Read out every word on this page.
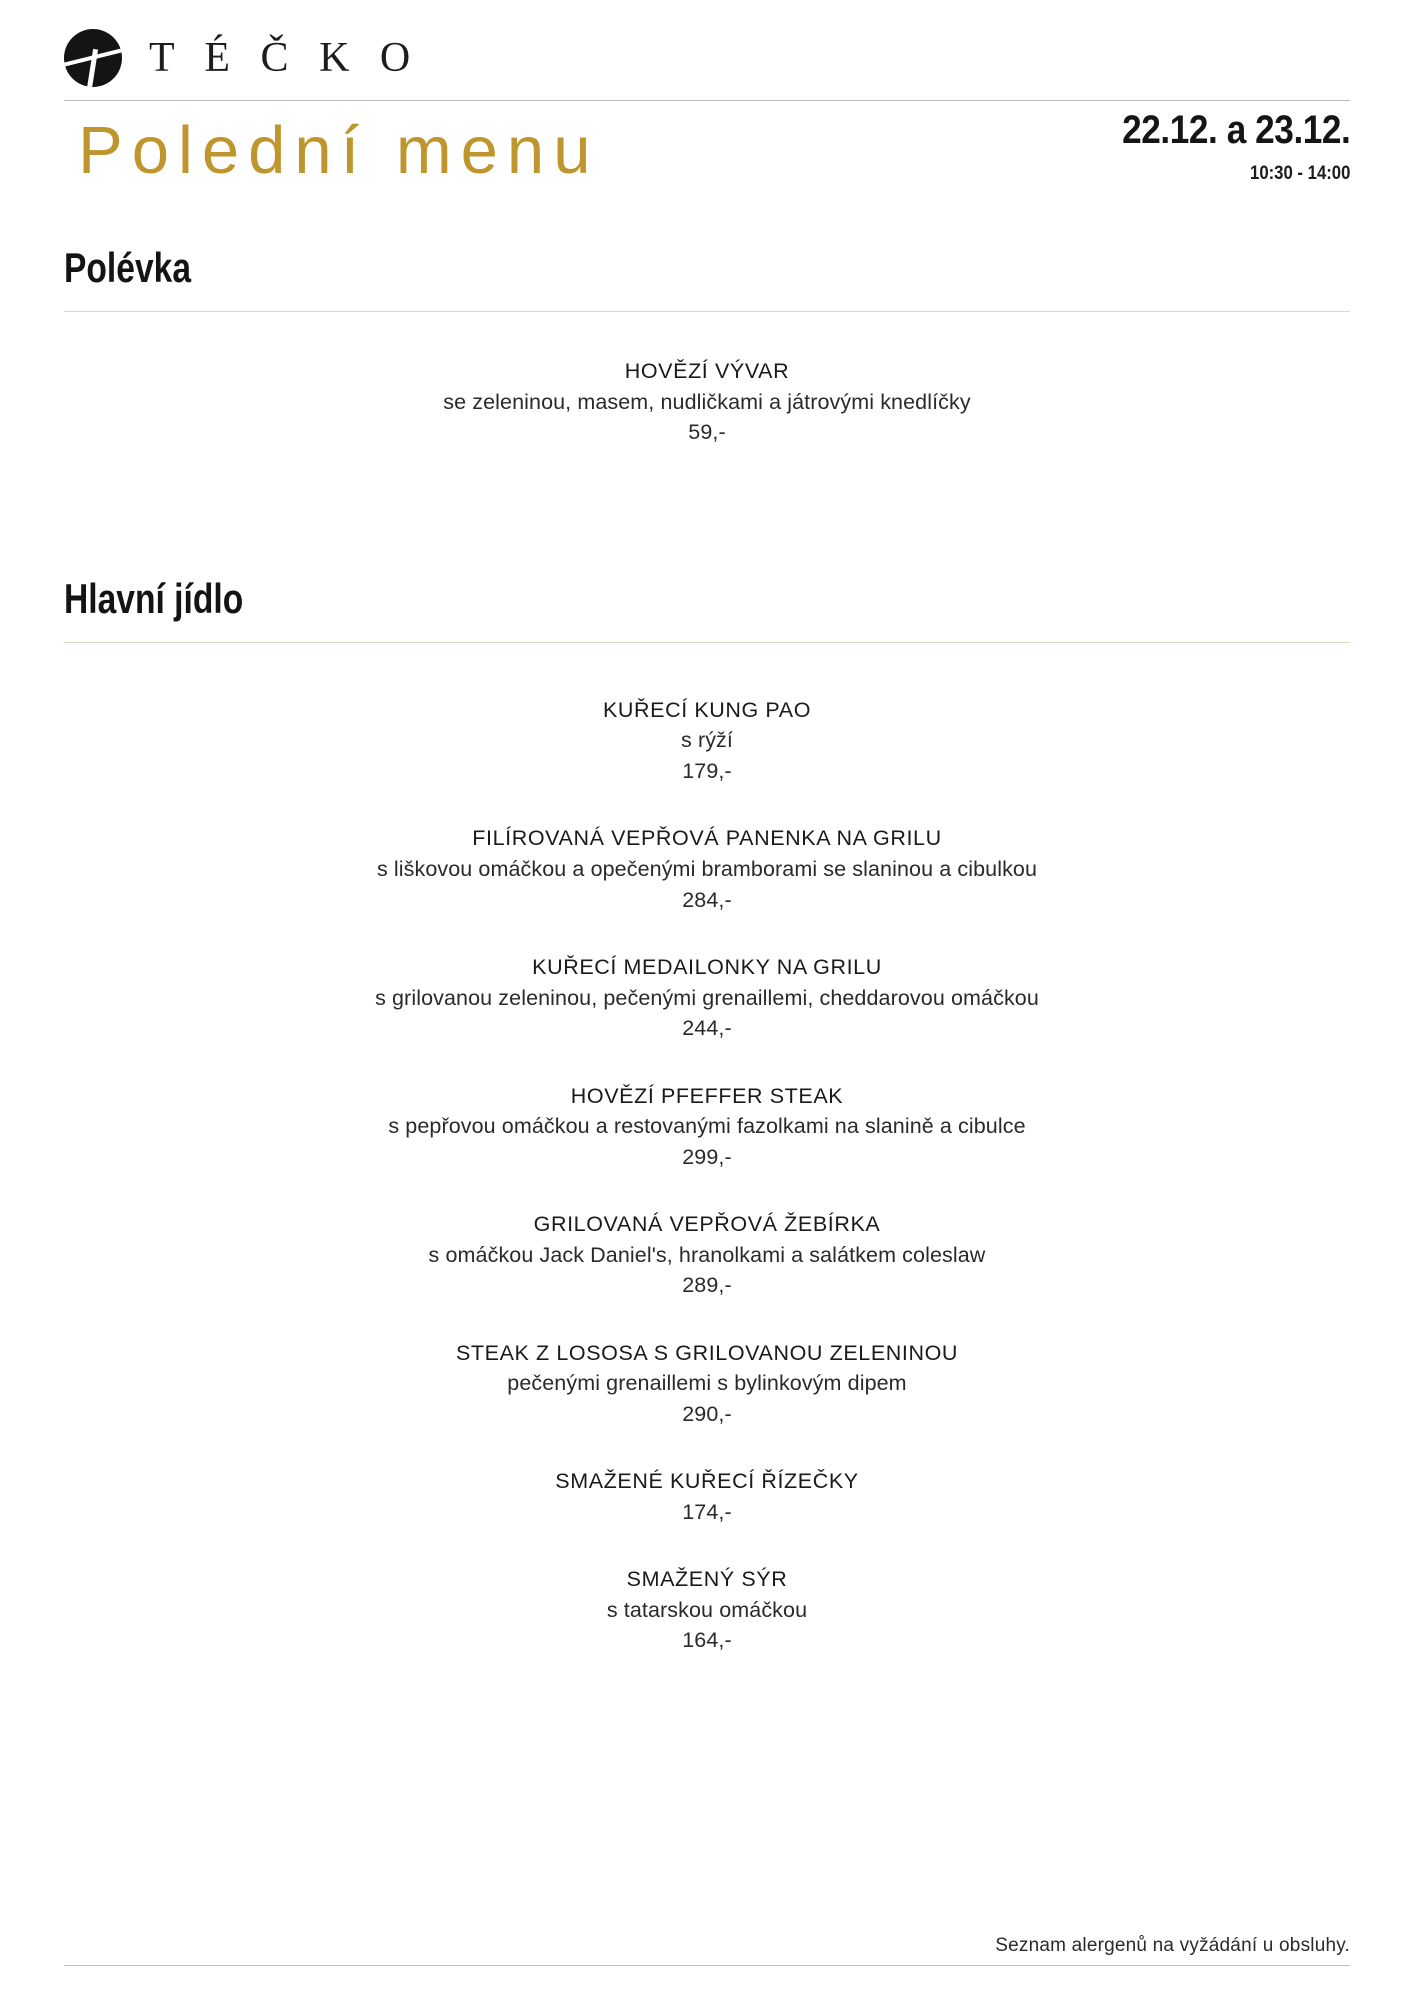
T É Č K O
Polední menu	22.12. a 23.12.
10:30 - 14:00
Polévka
HOVĚZÍ VÝVAR
se zeleninou, masem, nudličkami a játrovými knedlíčky
59,-
Hlavní jídlo
KUŘECÍ KUNG PAO
s rýží
179,-
FILÍROVANÁ VEPŘOVÁ PANENKA NA GRILU
s liškovou omáčkou a opečenými bramborami se slaninou a cibulkou
284,-
KUŘECÍ MEDAILONKY NA GRILU
s grilovanou zeleninou, pečenými grenaillemi, cheddarovou omáčkou
244,-
HOVĚZÍ PFEFFER STEAK
s pepřovou omáčkou a restovanými fazolkami na slanině a cibulce
299,-
GRILOVANÁ VEPŘOVÁ ŽEBÍRKA
s omáčkou Jack Daniel's, hranolkami a salátkem coleslaw
289,-
STEAK Z LOSOSA S GRILOVANOU ZELENINOU
pečenými grenaillemi s bylinkovým dipem
290,-
SMAŽENÉ KUŘECÍ ŘÍZEČKY
174,-
SMAŽENÝ SÝR
s tatarskou omáčkou
164,-
Seznam alergenů na vyžádání u obsluhy.
